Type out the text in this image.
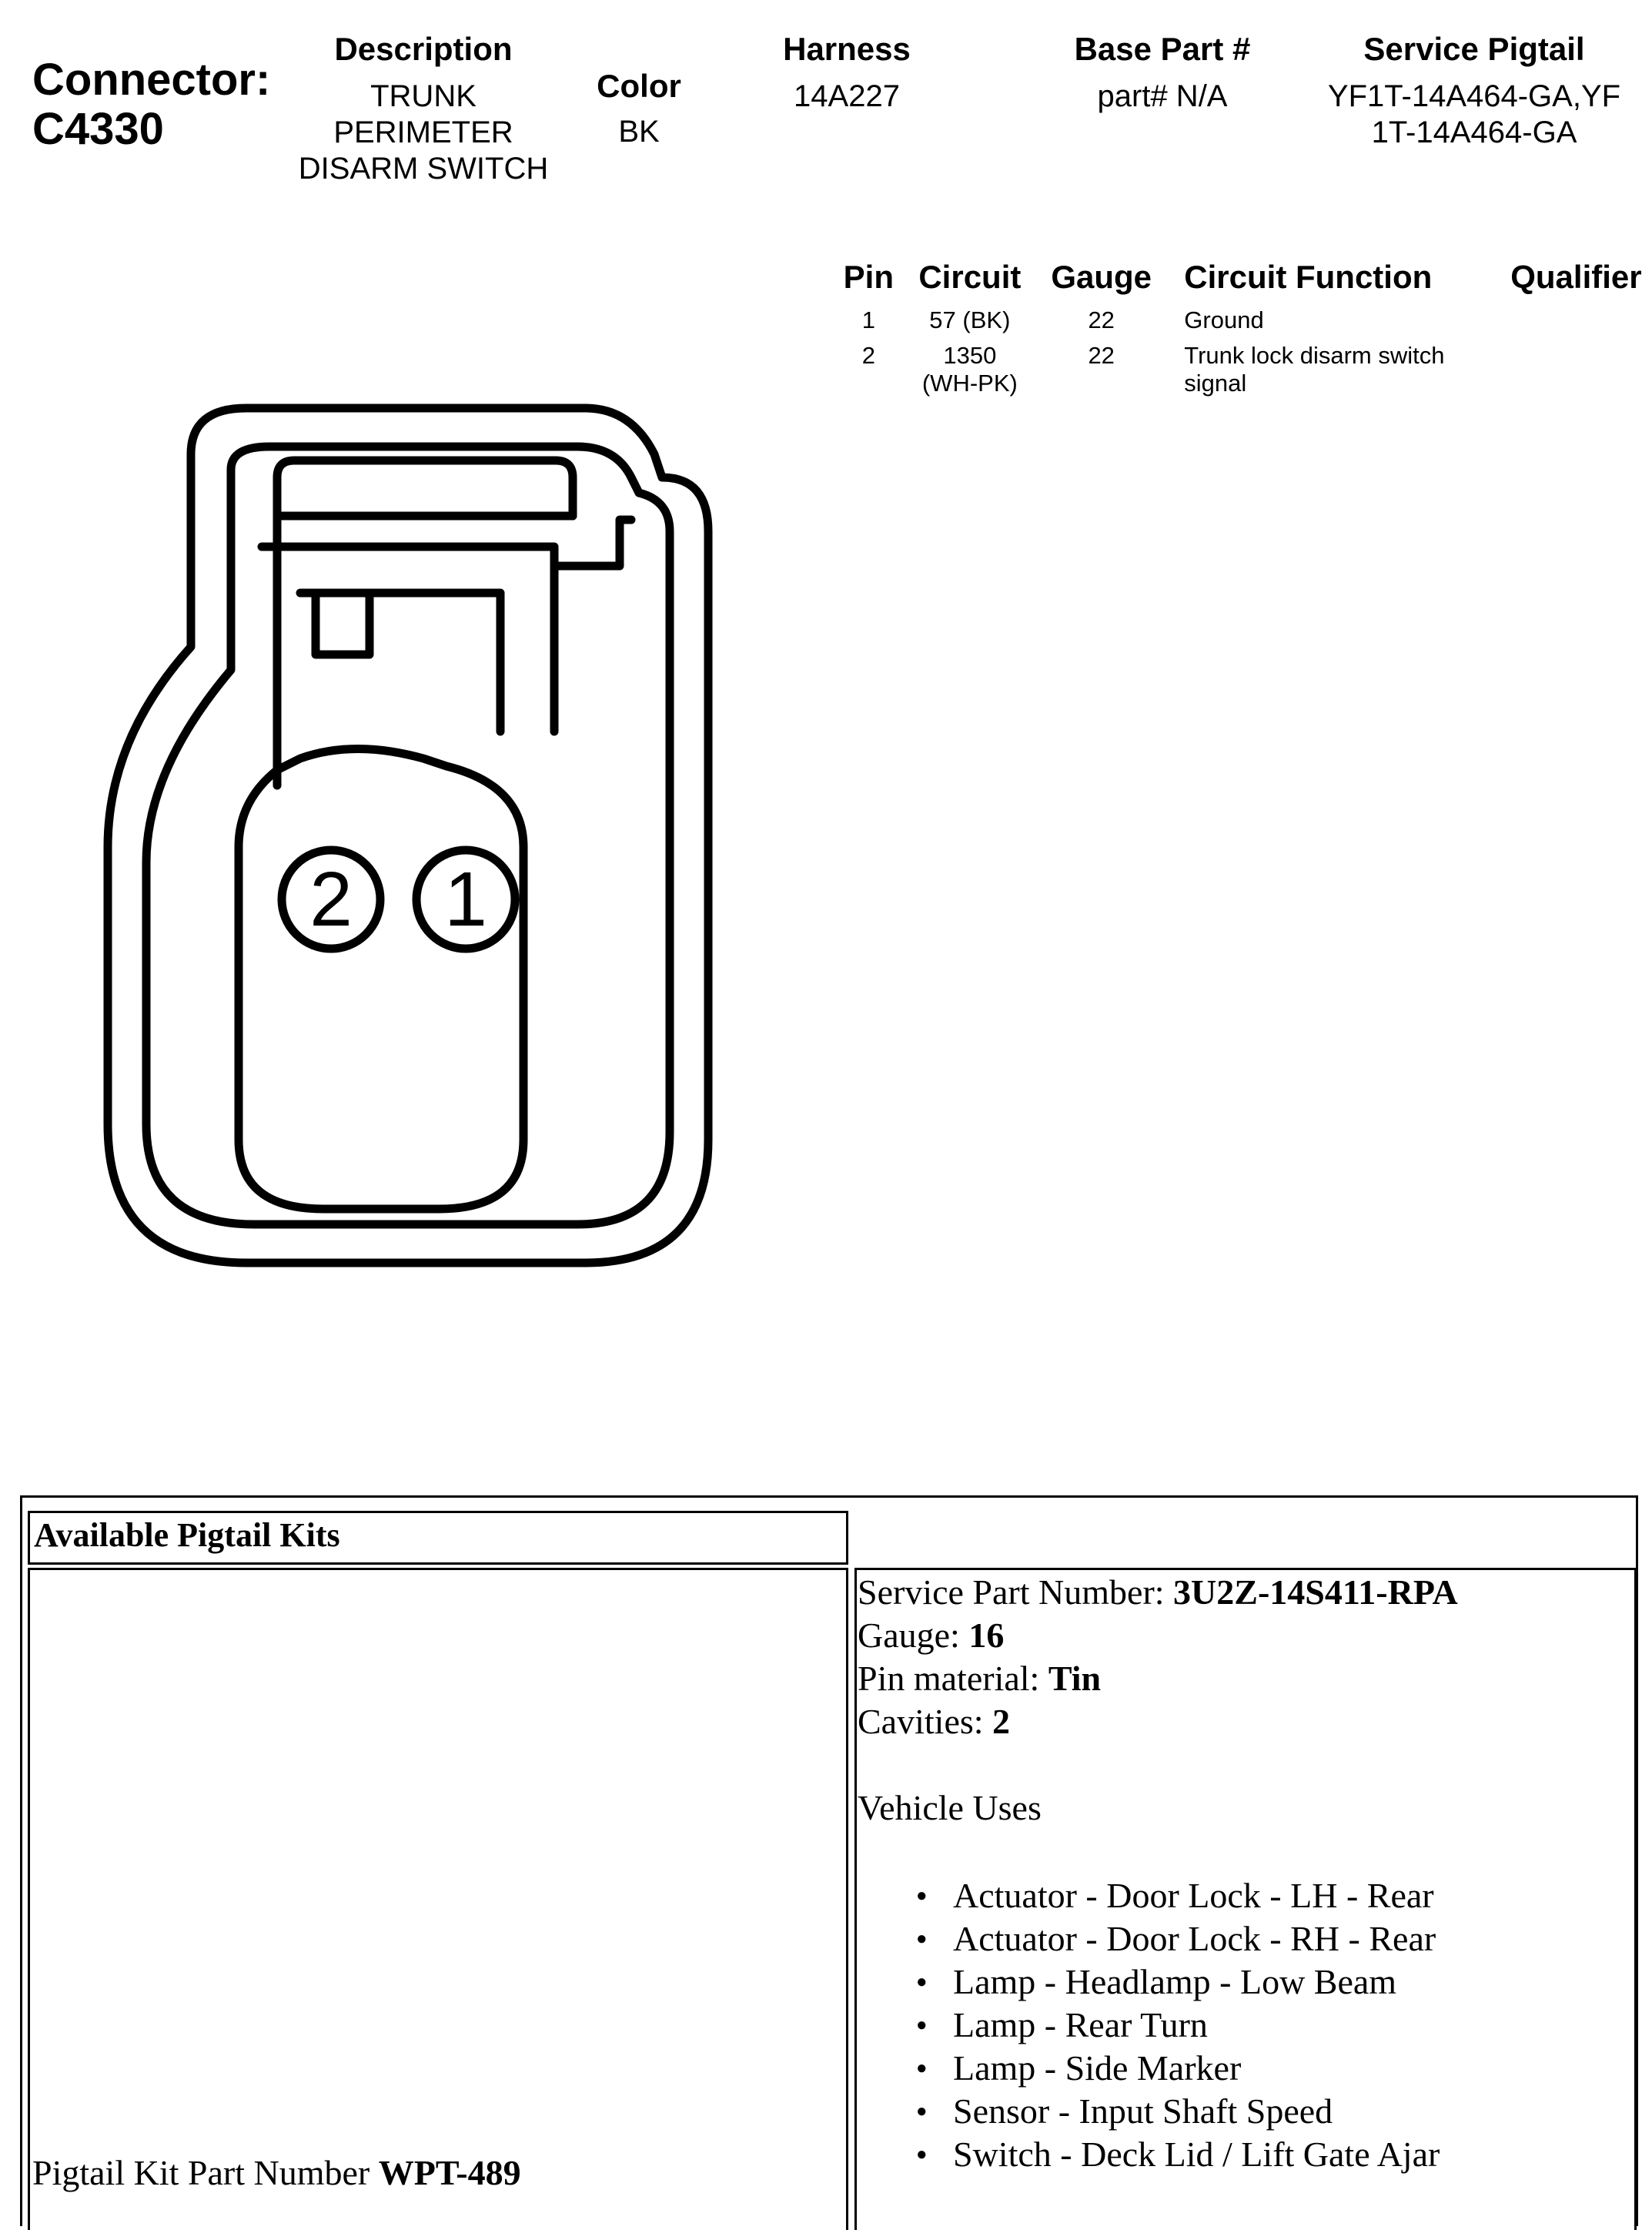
Connector:
C4330
Description
TRUNK PERIMETER DISARM SWITCH
Color
BK
Harness
14A227
Base Part #
part# N/A
Service Pigtail
YF1T-14A464-GA,YF1T-14A464-GA
Pin	Circuit	Gauge	Circuit Function	Qualifier
1	57 (BK)	22	Ground	
2	1350 (WH-PK)	22	Trunk lock disarm switch signal	
2 1
Available Pigtail Kits
Pigtail Kit Part Number WPT-489
Service Part Number: 3U2Z-14S411-RPA
Gauge: 16
Pin material: Tin
Cavities: 2
Vehicle Uses
● Actuator - Door Lock - LH - Rear
● Actuator - Door Lock - RH - Rear
● Lamp - Headlamp - Low Beam
● Lamp - Rear Turn
● Lamp - Side Marker
● Sensor - Input Shaft Speed
● Switch - Deck Lid / Lift Gate Ajar
